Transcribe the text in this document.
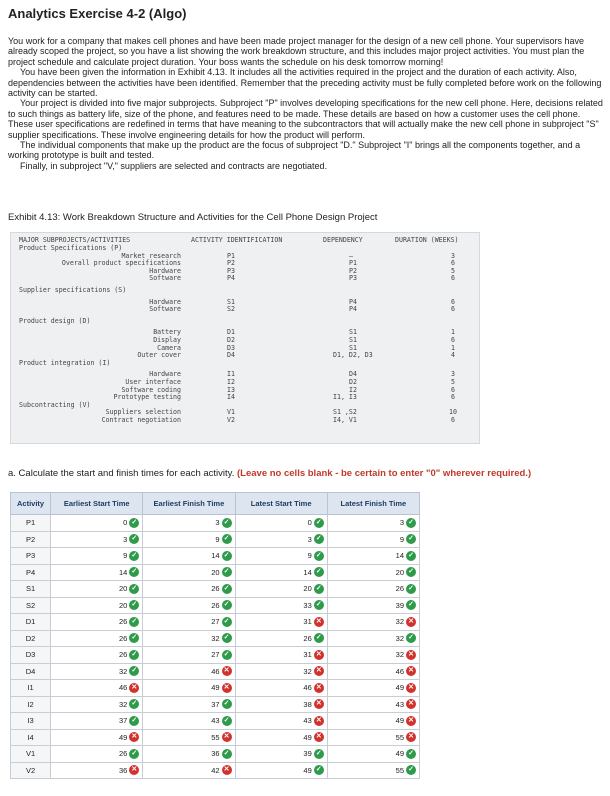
Analytics Exercise 4-2 (Algo)

You work for a company that makes cell phones and have been made project manager for the design of a new cell phone. Your supervisors have already scoped the project, so you have a list showing the work breakdown structure, and this includes major project activities. You must plan the project schedule and calculate project duration. Your boss wants the schedule on his desk tomorrow morning!

You have been given the information in Exhibit 4.13. It includes all the activities required in the project and the duration of each activity. Also, dependencies between the activities have been identified. Remember that the preceding activity must be fully completed before work on the following activity can be started.

Your project is divided into five major subprojects. Subproject "P" involves developing specifications for the new cell phone. Here, decisions related to such things as battery life, size of the phone, and features need to be made. These details are based on how a customer uses the cell phone. These user specifications are redefined in terms that have meaning to the subcontractors that will actually make the new cell phone in subproject "S" supplier specifications. These involve engineering details for how the product will perform.

The individual components that make up the product are the focus of subproject "D." Subproject "I" brings all the components together, and a working prototype is built and tested.

Finally, in subproject "V," suppliers are selected and contracts are negotiated.

Exhibit 4.13: Work Breakdown Structure and Activities for the Cell Phone Design Project
MAJOR SUBPROJECTS/ACTIVITIES	ACTIVITY IDENTIFICATION	DEPENDENCY	DURATION (WEEKS)
Product Specifications (P)
Market research	P1	—	3
Overall product specifications	P2	P1	6
Hardware	P3	P2	5
Software	P4	P3	6
Supplier specifications (S)
Hardware	S1	P4	6
Software	S2	P4	6
Product design (D)
Battery	D1	S1	1
Display	D2	S1	6
Camera	D3	S1	1
Outer cover	D4	D1, D2, D3	4
Product integration (I)
Hardware	I1	D4	3
User interface	I2	D2	5
Software coding	I3	I2	6
Prototype testing	I4	I1, I3	6
Subcontracting (V)
Suppliers selection	V1	S1 ,S2	10
Contract negotiation	V2	I4, V1	6
a. Calculate the start and finish times for each activity. (Leave no cells blank - be certain to enter "0" wherever required.)
Activity	Earliest Start Time	Earliest Finish Time	Latest Start Time	Latest Finish Time
P1	0 ✓	3 ✓	0 ✓	3 ✓
P2	3 ✓	9 ✓	3 ✓	9 ✓
P3	9 ✓	14 ✓	9 ✓	14 ✓
P4	14 ✓	20 ✓	14 ✓	20 ✓
S1	20 ✓	26 ✓	20 ✓	26 ✓
S2	20 ✓	26 ✓	33 ✓	39 ✓
D1	26 ✓	27 ✓	31 ✕	32 ✕
D2	26 ✓	32 ✓	26 ✓	32 ✓
D3	26 ✓	27 ✓	31 ✕	32 ✕
D4	32 ✓	46 ✕	32 ✕	46 ✕
I1	46 ✕	49 ✕	46 ✕	49 ✕
I2	32 ✓	37 ✓	38 ✕	43 ✕
I3	37 ✓	43 ✓	43 ✕	49 ✕
I4	49 ✕	55 ✕	49 ✕	55 ✕
V1	26 ✓	36 ✓	39 ✓	49 ✓
V2	36 ✕	42 ✕	49 ✓	55 ✓
